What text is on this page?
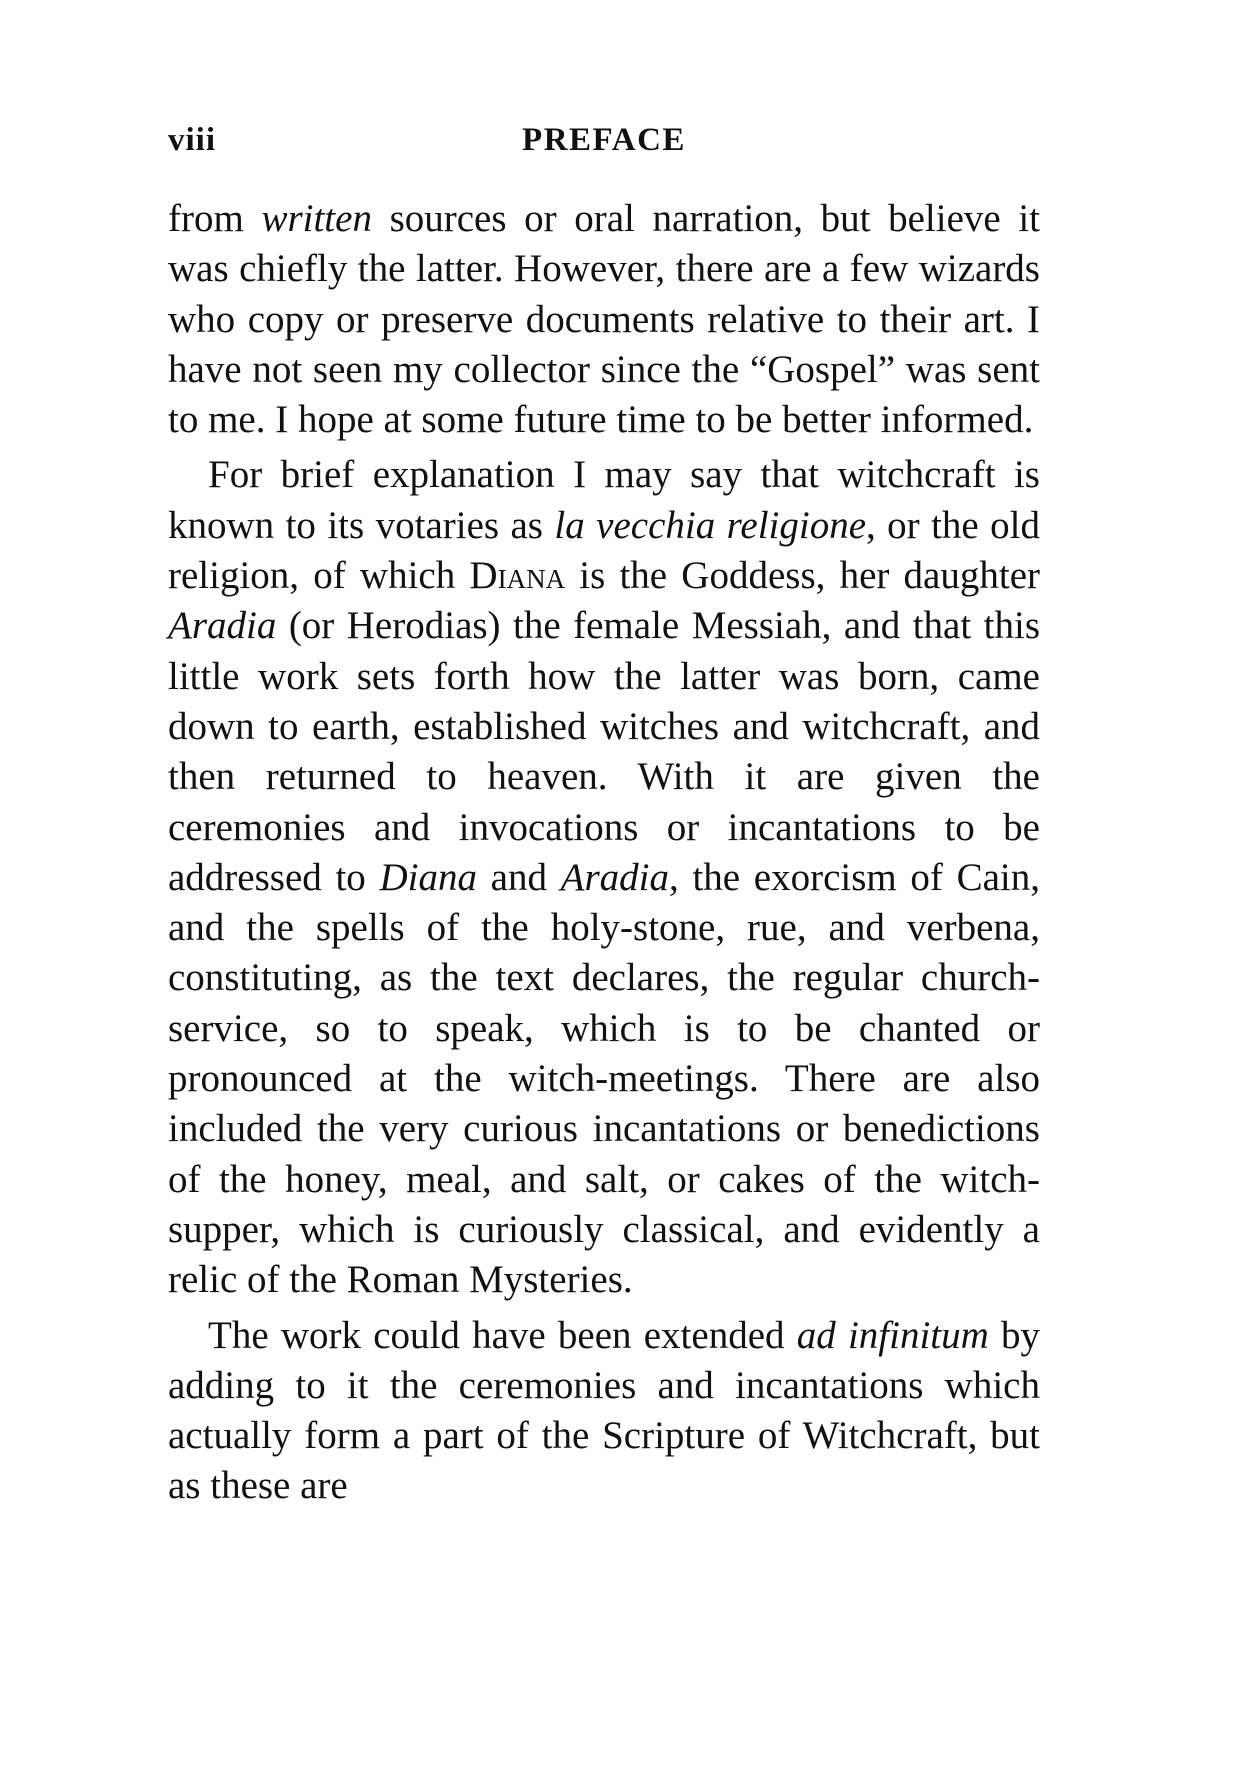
viii	PREFACE

from written sources or oral narration, but believe it was chiefly the latter. However, there are a few wizards who copy or preserve documents relative to their art. I have not seen my collector since the “Gospel” was sent to me. I hope at some future time to be better informed.

For brief explanation I may say that witchcraft is known to its votaries as la vecchia religione, or the old religion, of which Diana is the Goddess, her daughter Aradia (or Herodias) the female Messiah, and that this little work sets forth how the latter was born, came down to earth, established witches and witchcraft, and then returned to heaven. With it are given the ceremonies and invocations or incantations to be addressed to Diana and Aradia, the exorcism of Cain, and the spells of the holy-stone, rue, and verbena, constituting, as the text declares, the regular church-service, so to speak, which is to be chanted or pronounced at the witch-meetings. There are also included the very curious incantations or benedictions of the honey, meal, and salt, or cakes of the witch-supper, which is curiously classical, and evidently a relic of the Roman Mysteries.

The work could have been extended ad infinitum by adding to it the ceremonies and incantations which actually form a part of the Scripture of Witchcraft, but as these are
